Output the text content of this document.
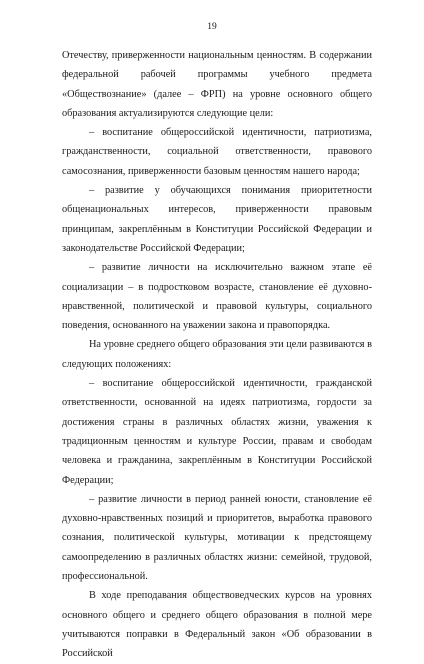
19

Отечеству, приверженности национальным ценностям. В содержании федеральной рабочей программы учебного предмета «Обществознание» (далее – ФРП) на уровне основного общего образования актуализируются следующие цели:

– воспитание общероссийской идентичности, патриотизма, гражданственности, социальной ответственности, правового самосознания, приверженности базовым ценностям нашего народа;

– развитие у обучающихся понимания приоритетности общенациональных интересов, приверженности правовым принципам, закреплённым в Конституции Российской Федерации и законодательстве Российской Федерации;

– развитие личности на исключительно важном этапе её социализации – в подростковом возрасте, становление её духовно-нравственной, политической и правовой культуры, социального поведения, основанного на уважении закона и правопорядка.

На уровне среднего общего образования эти цели развиваются в следующих положениях:

– воспитание общероссийской идентичности, гражданской ответственности, основанной на идеях патриотизма, гордости за достижения страны в различных областях жизни, уважения к традиционным ценностям и культуре России, правам и свободам человека и гражданина, закреплённым в Конституции Российской Федерации;

– развитие личности в период ранней юности, становление её духовно-нравственных позиций и приоритетов, выработка правового сознания, политической культуры, мотивации к предстоящему самоопределению в различных областях жизни: семейной, трудовой, профессиональной.

В ходе преподавания обществоведческих курсов на уровнях основного общего и среднего общего образования в полной мере учитываются поправки в Федеральный закон «Об образовании в Российской
